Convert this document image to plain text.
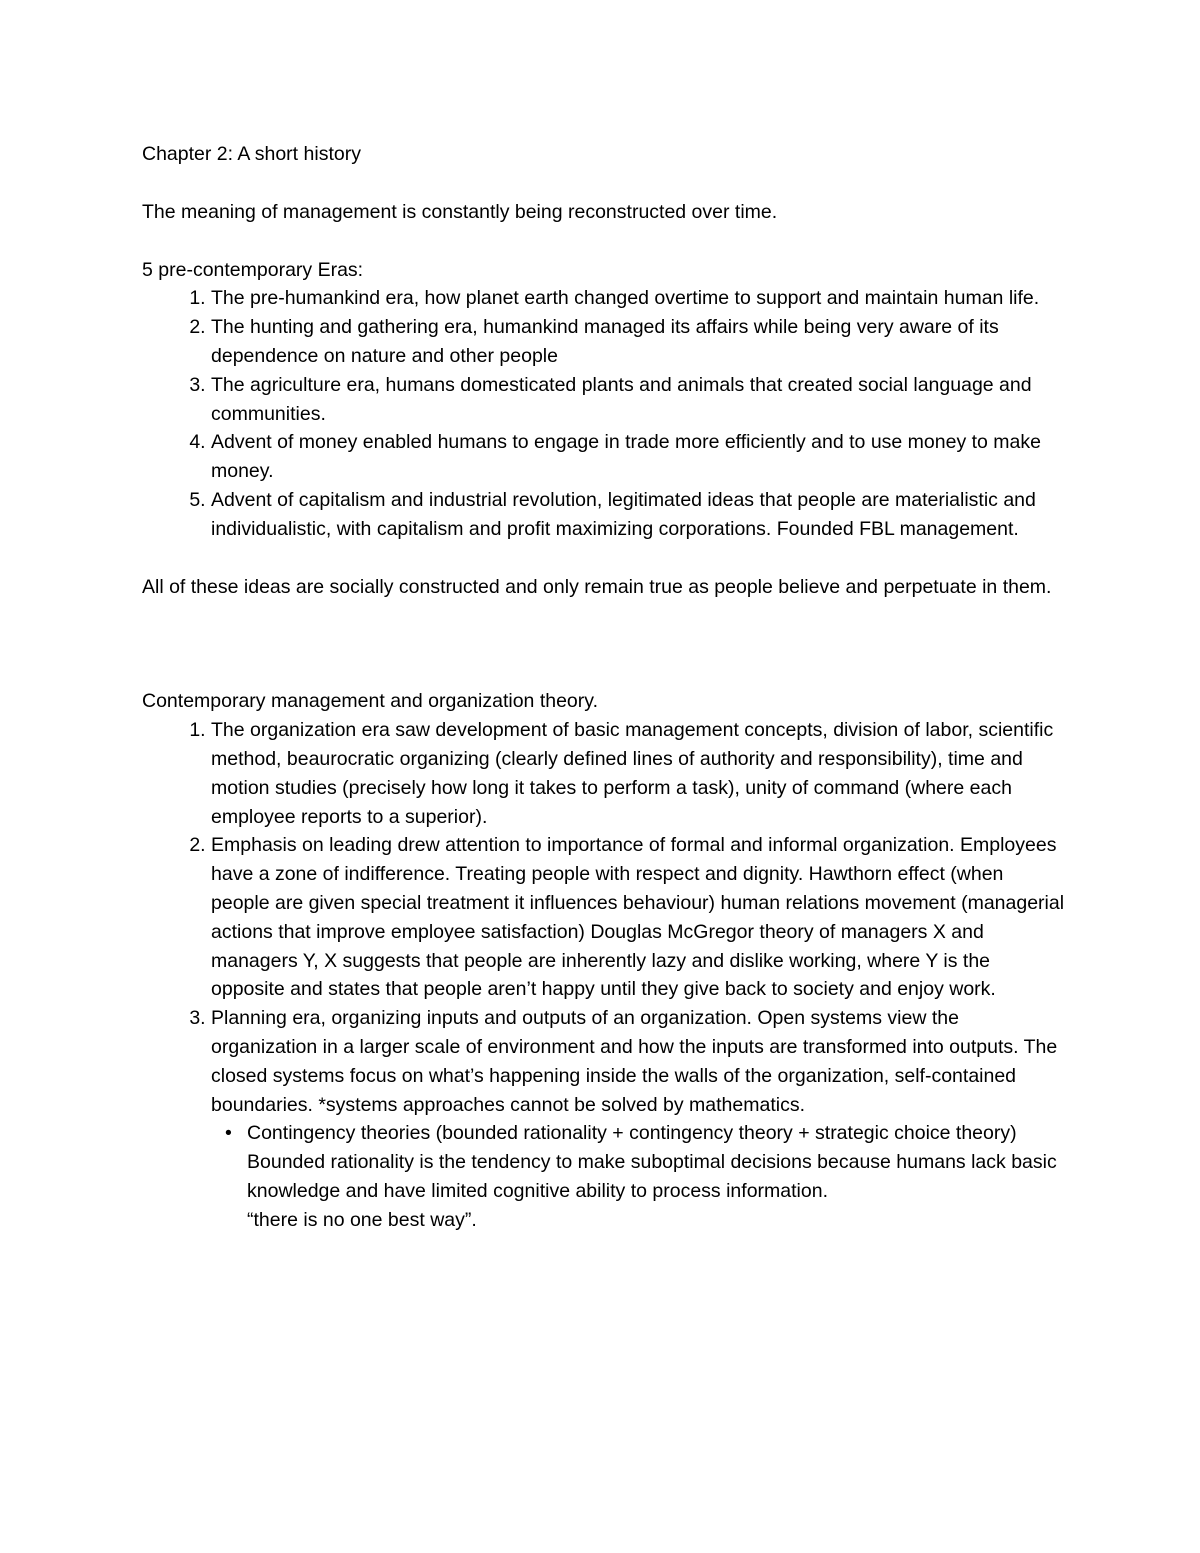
Chapter 2: A short history

The meaning of management is constantly being reconstructed over time.

5 pre-contemporary Eras:

1. The pre-humankind era, how planet earth changed overtime to support and maintain human life.
2. The hunting and gathering era, humankind managed its affairs while being very aware of its dependence on nature and other people
3. The agriculture era, humans domesticated plants and animals that created social language and communities.
4. Advent of money enabled humans to engage in trade more efficiently and to use money to make money.
5. Advent of capitalism and industrial revolution, legitimated ideas that people are materialistic and individualistic, with capitalism and profit maximizing corporations. Founded FBL management.

All of these ideas are socially constructed and only remain true as people believe and perpetuate in them.

Contemporary management and organization theory.

1. The organization era saw development of basic management concepts, division of labor, scientific method, beaurocratic organizing (clearly defined lines of authority and responsibility), time and motion studies (precisely how long it takes to perform a task), unity of command (where each employee reports to a superior).
2. Emphasis on leading drew attention to importance of formal and informal organization. Employees have a zone of indifference. Treating people with respect and dignity. Hawthorn effect (when people are given special treatment it influences behaviour) human relations movement (managerial actions that improve employee satisfaction) Douglas McGregor theory of managers X and managers Y, X suggests that people are inherently lazy and dislike working, where Y is the opposite and states that people aren’t happy until they give back to society and enjoy work.
3. Planning era, organizing inputs and outputs of an organization. Open systems view the organization in a larger scale of environment and how the inputs are transformed into outputs. The closed systems focus on what’s happening inside the walls of the organization, self-contained boundaries. *systems approaches cannot be solved by mathematics.
• Contingency theories (bounded rationality + contingency theory + strategic choice theory)
Bounded rationality is the tendency to make suboptimal decisions because humans lack basic knowledge and have limited cognitive ability to process information.
“there is no one best way”.
